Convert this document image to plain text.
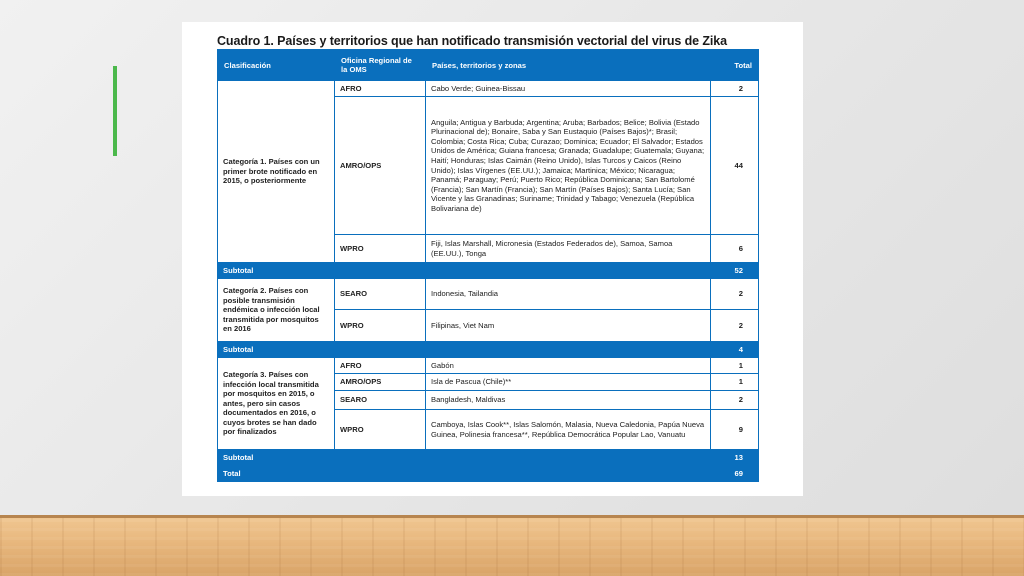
Cuadro 1. Países y territorios que han notificado transmisión vectorial del virus de Zika
Clasificación	Oficina Regional de la OMS	Países, territorios y zonas	Total
Categoría 1. Países con un primer brote notificado en 2015, o posteriormente	AFRO	Cabo Verde; Guinea-Bissau	2
	AMRO/OPS	Anguila; Antigua y Barbuda; Argentina; Aruba; Barbados; Belice; Bolivia (Estado Plurinacional de); Bonaire, Saba y San Eustaquio (Países Bajos)*; Brasil; Colombia; Costa Rica; Cuba; Curazao; Dominica; Ecuador; El Salvador; Estados Unidos de América; Guiana francesa; Granada; Guadalupe; Guatemala; Guyana; Haití; Honduras; Islas Caimán (Reino Unido), Islas Turcos y Caicos (Reino Unido); Islas Vírgenes (EE.UU.); Jamaica; Martinica; México; Nicaragua; Panamá; Paraguay; Perú; Puerto Rico; República Dominicana; San Bartolomé (Francia); San Martín (Francia); San Martín (Países Bajos); Santa Lucía; San Vicente y las Granadinas; Suriname; Trinidad y Tabago; Venezuela (República Bolivariana de)	44
	WPRO	Fiji, Islas Marshall, Micronesia (Estados Federados de), Samoa, Samoa (EE.UU.), Tonga	6
Subtotal			52
Categoría 2. Países con posible transmisión endémica o infección local transmitida por mosquitos en 2016	SEARO	Indonesia, Tailandia	2
	WPRO	Filipinas, Viet Nam	2
Subtotal			4
Categoría 3. Países con infección local transmitida por mosquitos en 2015, o antes, pero sin casos documentados en 2016, o cuyos brotes se han dado por finalizados	AFRO	Gabón	1
	AMRO/OPS	Isla de Pascua (Chile)**	1
	SEARO	Bangladesh, Maldivas	2
	WPRO	Camboya, Islas Cook**, Islas Salomón, Malasia, Nueva Caledonia, Papúa Nueva Guinea, Polinesia francesa**, República Democrática Popular Lao, Vanuatu	9
Subtotal			13
Total			69
